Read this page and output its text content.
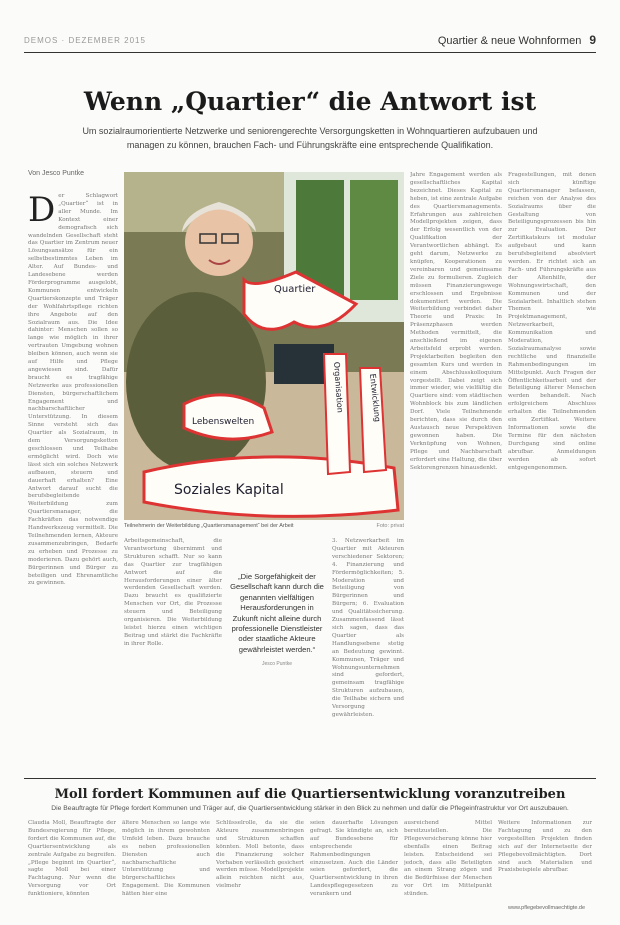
DEMOS · DEZEMBER 2015	Quartier & neue Wohnformen 9
Wenn „Quartier“ die Antwort ist
Um sozialraumorientierte Netzwerke und seniorengerechte Versorgungsketten in Wohnquartieren aufzubauen und managen zu können, brauchen Fach- und Führungskräfte eine entsprechende Qualifikation.
Von Jesco Puntke
D er Schlagwort „Quartier“ ist in aller Munde. Im Kontext einer demografisch sich wandelnden Gesellschaft steht das Quartier im Zentrum neuer Lösungsansätze für ein selbstbestimmtes Leben im Alter. Auf Bundes- und Landesebene werden Förderprogramme ausgelobt, Kommunen entwickeln Quartierskonzepte und Träger der Wohlfahrtspflege richten ihre Angebote auf den Sozialraum aus. Die Idee dahinter: Menschen sollen so lange wie möglich in ihrer vertrauten Umgebung wohnen bleiben können, auch wenn sie auf Hilfe und Pflege angewiesen sind. Dafür braucht es tragfähige Netzwerke aus professionellen Diensten, bürgerschaftlichem Engagement und nachbarschaftlicher Unterstützung. In diesem Sinne versteht sich das Quartier als Sozialraum, in dem Versorgungsketten geschlossen und Teilhabe ermöglicht wird. Doch wie lässt sich ein solches Netzwerk aufbauen, steuern und dauerhaft erhalten? Eine Antwort darauf sucht die berufsbegleitende Weiterbildung zum Quartiersmanager, die Fachkräften das notwendige Handwerkszeug vermittelt. Die Teilnehmenden lernen, Akteure zusammenzubringen, Bedarfe zu erheben und Prozesse zu moderieren. Dazu gehört auch, Bürgerinnen und Bürger zu beteiligen und Ehrenamtliche zu gewinnen.
Quartier
Lebenswelten
Soziales Kapital
Organisation	Entwicklung
Teilnehmerin der Weiterbildung „Quartiersmanagement“ bei der Arbeit	Foto: privat
Arbeitsgemeinschaft, die Verantwortung übernimmt und Strukturen schafft. Nur so kann das Quartier zur tragfähigen Antwort auf die Herausforderungen einer älter werdenden Gesellschaft werden. Dazu braucht es qualifizierte Menschen vor Ort, die Prozesse steuern und Beteiligung organisieren. Die Weiterbildung leistet hierzu einen wichtigen Beitrag und stärkt die Fachkräfte in ihrer Rolle.
„Die Sorgefähigkeit der Gesellschaft kann durch die genannten vielfältigen Herausforderungen in Zukunft nicht alleine durch professionelle Dienstleister oder staatliche Akteure gewährleistet werden.“
Jesco Puntke
3. Netzwerkarbeit im Quartier mit Akteuren verschiedener Sektoren; 4. Finanzierung und Fördermöglichkeiten; 5. Moderation und Beteiligung von Bürgerinnen und Bürgern; 6. Evaluation und Qualitätssicherung. Zusammenfassend lässt sich sagen, dass das Quartier als Handlungsebene stetig an Bedeutung gewinnt. Kommunen, Träger und Wohnungsunternehmen sind gefordert, gemeinsam tragfähige Strukturen aufzubauen, die Teilhabe sichern und Versorgung gewährleisten.
Jahre Engagement werden als gesellschaftliches Kapital bezeichnet. Dieses Kapital zu heben, ist eine zentrale Aufgabe des Quartiersmanagements. Erfahrungen aus zahlreichen Modellprojekten zeigen, dass der Erfolg wesentlich von der Qualifikation der Verantwortlichen abhängt. Es geht darum, Netzwerke zu knüpfen, Kooperationen zu vereinbaren und gemeinsame Ziele zu formulieren. Zugleich müssen Finanzierungswege erschlossen und Ergebnisse dokumentiert werden. Die Weiterbildung verbindet daher Theorie und Praxis: In Präsenzphasen werden Methoden vermittelt, die anschließend im eigenen Arbeitsfeld erprobt werden. Projektarbeiten begleiten den gesamten Kurs und werden in einem Abschlusskolloquium vorgestellt. Dabei zeigt sich immer wieder, wie vielfältig die Quartiere sind: vom städtischen Wohnblock bis zum ländlichen Dorf. Viele Teilnehmende berichten, dass sie durch den Austausch neue Perspektiven gewonnen haben. Die Verknüpfung von Wohnen, Pflege und Nachbarschaft erfordert eine Haltung, die über Sektorengrenzen hinausdenkt.
Fragestellungen, mit denen sich künftige Quartiersmanager befassen, reichen von der Analyse des Sozialraums über die Gestaltung von Beteiligungsprozessen bis hin zur Evaluation. Der Zertifikatskurs ist modular aufgebaut und kann berufsbegleitend absolviert werden. Er richtet sich an Fach- und Führungskräfte aus der Altenhilfe, der Wohnungswirtschaft, den Kommunen und der Sozialarbeit. Inhaltlich stehen Themen wie Projektmanagement, Netzwerkarbeit, Kommunikation und Moderation, Sozialraumanalyse sowie rechtliche und finanzielle Rahmenbedingungen im Mittelpunkt. Auch Fragen der Öffentlichkeitsarbeit und der Beteiligung älterer Menschen werden behandelt. Nach erfolgreichem Abschluss erhalten die Teilnehmenden ein Zertifikat. Weitere Informationen sowie die Termine für den nächsten Durchgang sind online abrufbar. Anmeldungen werden ab sofort entgegengenommen.
Moll fordert Kommunen auf die Quartiersentwicklung voranzutreiben
Die Beauftragte für Pflege fordert Kommunen und Träger auf, die Quartiersentwicklung stärker in den Blick zu nehmen und dafür die Pflegeinfrastruktur vor Ort auszubauen.
Claudia Moll, Beauftragte der Bundesregierung für Pflege, fordert die Kommunen auf, die Quartiersentwicklung als zentrale Aufgabe zu begreifen. „Pflege beginnt im Quartier“, sagte Moll bei einer Fachtagung. Nur wenn die Versorgung vor Ort funktioniere, könnten
ältere Menschen so lange wie möglich in ihrem gewohnten Umfeld leben. Dazu brauche es neben professionellen Diensten auch nachbarschaftliche Unterstützung und bürgerschaftliches Engagement. Die Kommunen hätten hier eine
Schlüsselrolle, da sie die Akteure zusammenbringen und Strukturen schaffen könnten. Moll betonte, dass die Finanzierung solcher Vorhaben verlässlich gesichert werden müsse. Modellprojekte allein reichten nicht aus, vielmehr
seien dauerhafte Lösungen gefragt. Sie kündigte an, sich auf Bundesebene für entsprechende Rahmenbedingungen einzusetzen. Auch die Länder seien gefordert, die Quartiersentwicklung in ihren Landespflegegesetzen zu verankern und
ausreichend Mittel bereitzustellen. Die Pflegeversicherung könne hier ebenfalls einen Beitrag leisten. Entscheidend sei jedoch, dass alle Beteiligten an einem Strang zögen und die Bedürfnisse der Menschen vor Ort im Mittelpunkt stünden.
Weitere Informationen zur Fachtagung und zu den vorgestellten Projekten finden sich auf der Internetseite der Pflegebevollmächtigten. Dort sind auch Materialien und Praxisbeispiele abrufbar.
www.pflegebevollmaechtigte.de
